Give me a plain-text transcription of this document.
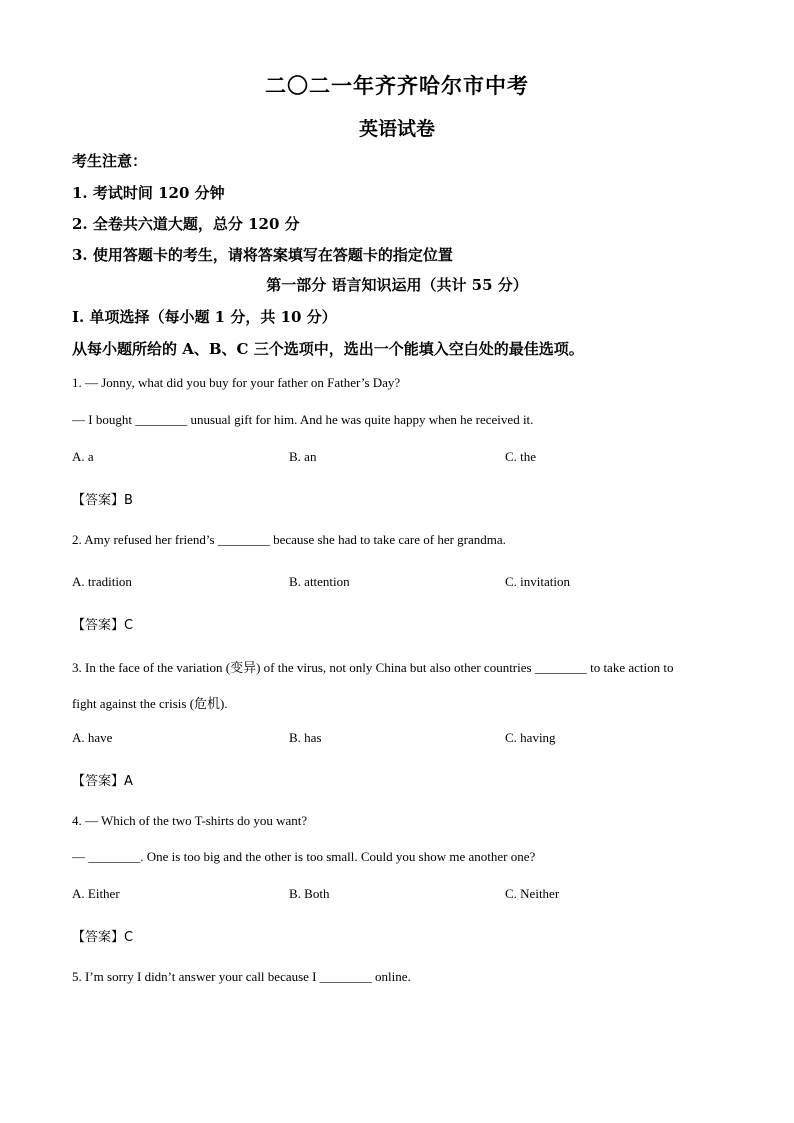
二〇二一年齐齐哈尔市中考
英语试卷
考生注意：
1. 考试时间 120 分钟
2. 全卷共六道大题，总分 120 分
3. 使用答题卡的考生，请将答案填写在答题卡的指定位置
第一部分 语言知识运用（共计 55 分）
Ⅰ. 单项选择（每小题 1 分，共 10 分）
从每小题所给的 A、B、C 三个选项中，选出一个能填入空白处的最佳选项。
1. — Jonny, what did you buy for your father on Father’s Day?
— I bought ________ unusual gift for him. And he was quite happy when he received it.
A. a	B. an	C. the
【答案】B
2. Amy refused her friend’s ________ because she had to take care of her grandma.
A. tradition	B. attention	C. invitation
【答案】C
3. In the face of the variation (变异) of the virus, not only China but also other countries ________ to take action to
fight against the crisis (危机).
A. have	B. has	C. having
【答案】A
4. — Which of the two T-shirts do you want?
— ________. One is too big and the other is too small. Could you show me another one?
A. Either	B. Both	C. Neither
【答案】C
5. I’m sorry I didn’t answer your call because I ________ online.
